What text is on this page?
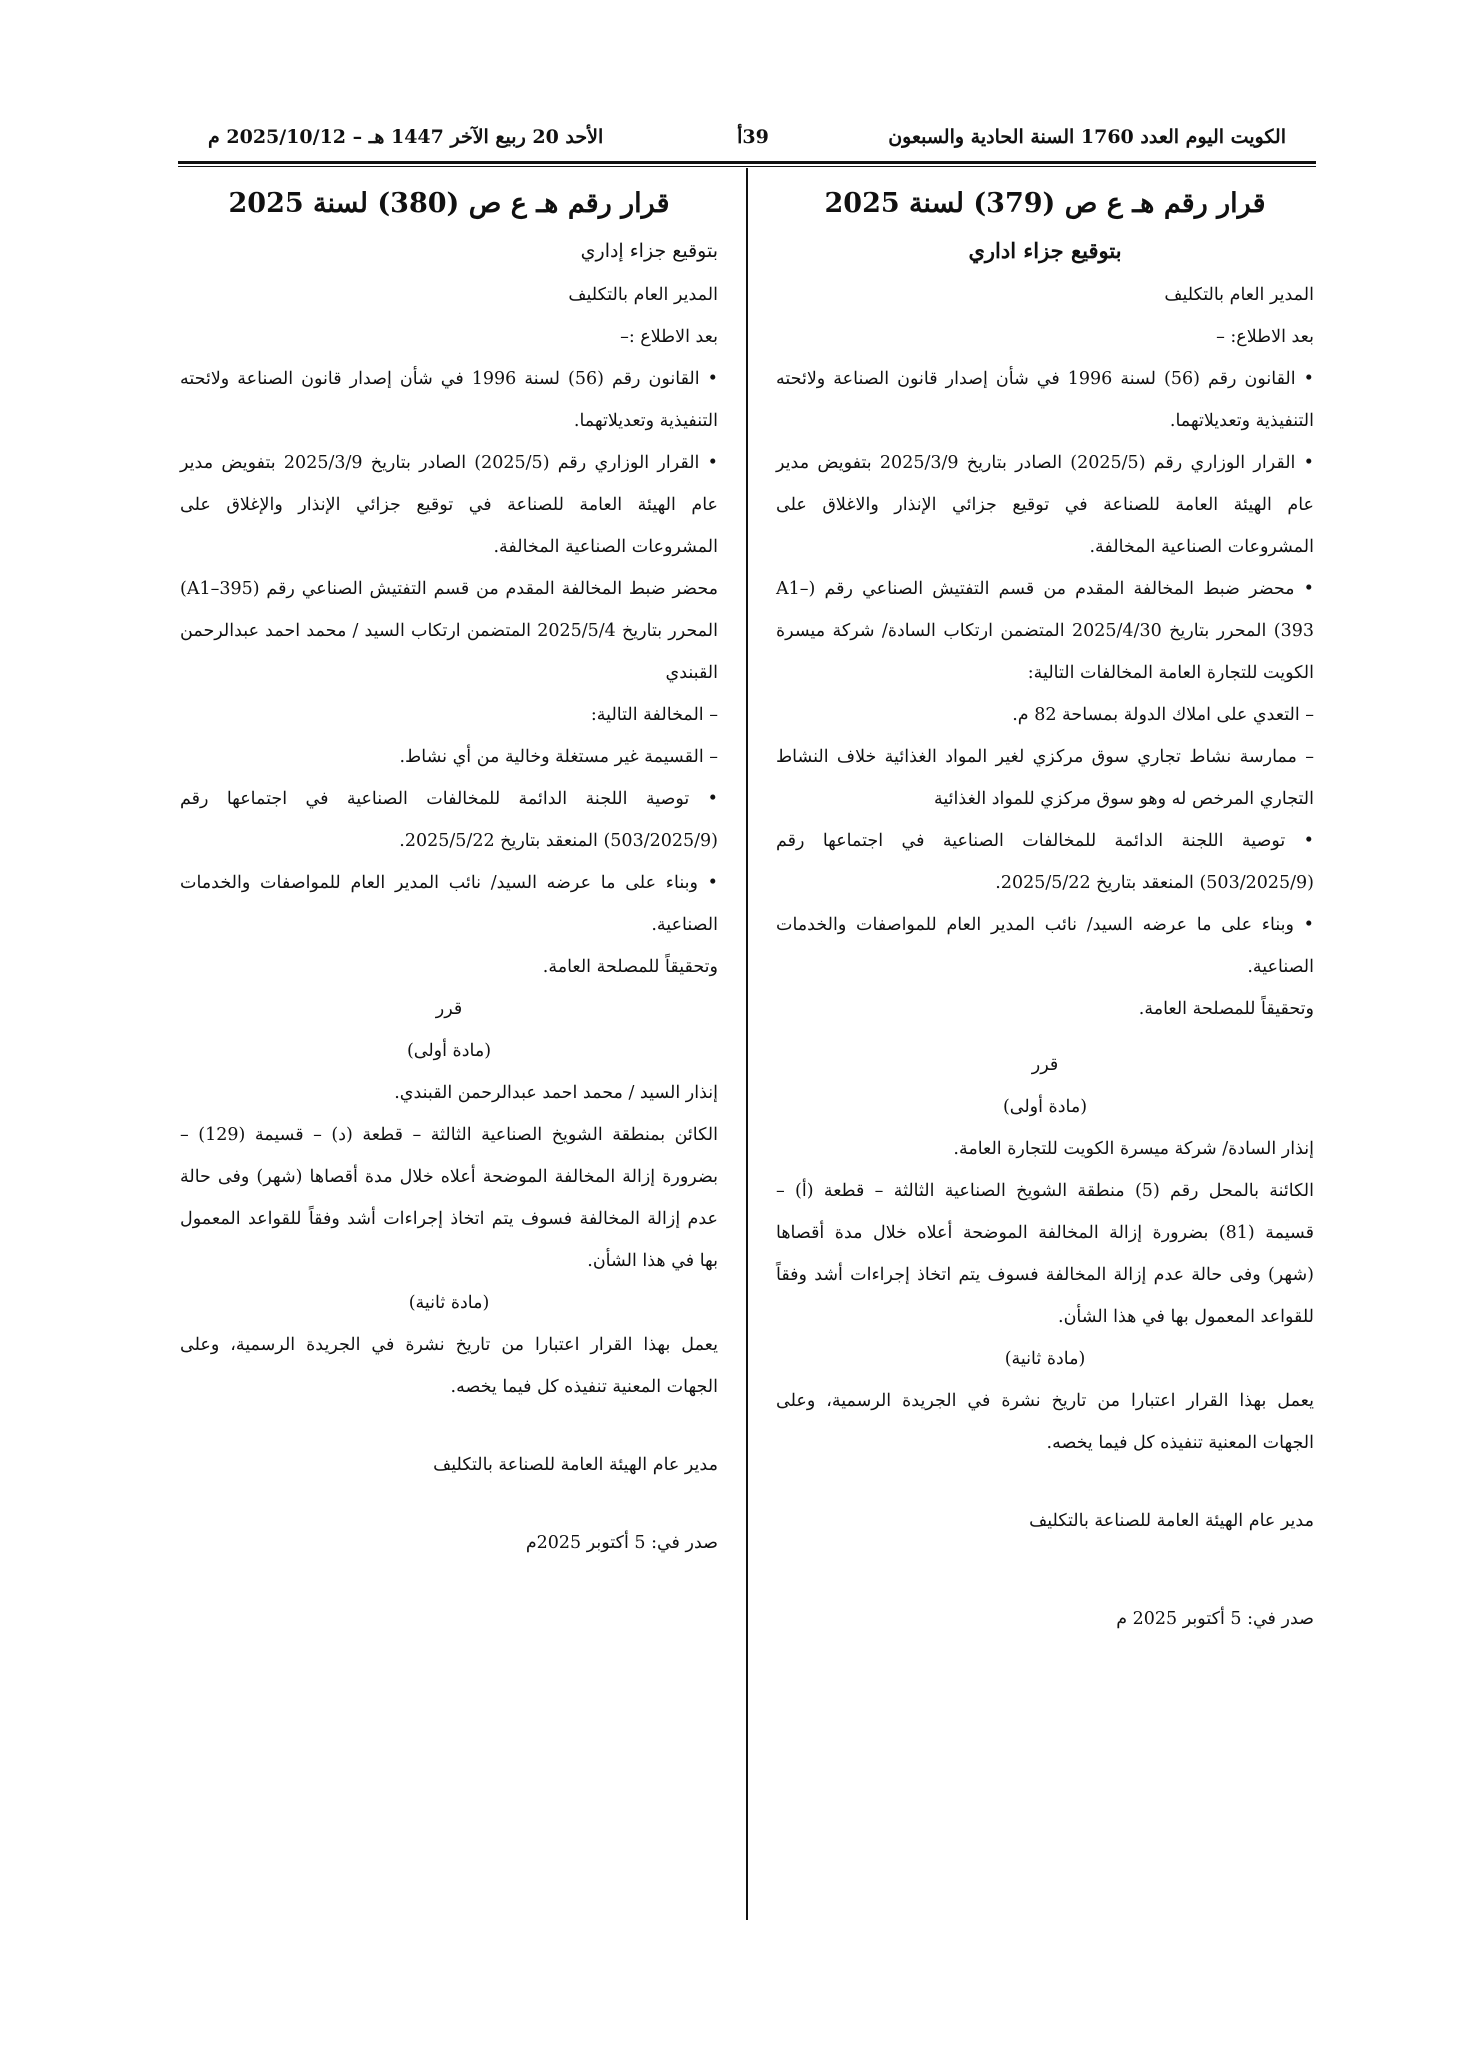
الكويت اليوم العدد 1760 السنة الحادية والسبعون
39أ
الأحد 20 ربيع الآخر 1447 هـ – 2025/10/12 م

قرار رقم هـ ع ص (379) لسنة 2025

بتوقيع جزاء اداري

المدير العام بالتكليف

بعد الاطلاع: –

• القانون رقم (56) لسنة 1996 في شأن إصدار قانون الصناعة ولائحته التنفيذية وتعديلاتهما.

• القرار الوزاري رقم (2025/5) الصادر بتاريخ 2025/3/9 بتفويض مدير عام الهيئة العامة للصناعة في توقيع جزائي الإنذار والاغلاق على المشروعات الصناعية المخالفة.

• محضر ضبط المخالفة المقدم من قسم التفتيش الصناعي رقم (A1–393) المحرر بتاريخ 2025/4/30 المتضمن ارتكاب السادة/ شركة ميسرة الكويت للتجارة العامة المخالفات التالية:

– التعدي على املاك الدولة بمساحة 82 م.

– ممارسة نشاط تجاري سوق مركزي لغير المواد الغذائية خلاف النشاط التجاري المرخص له وهو سوق مركزي للمواد الغذائية

• توصية اللجنة الدائمة للمخالفات الصناعية في اجتماعها رقم (503/2025/9) المنعقد بتاريخ 2025/5/22.

• وبناء على ما عرضه السيد/ نائب المدير العام للمواصفات والخدمات الصناعية.

وتحقيقاً للمصلحة العامة.

قرر

(مادة أولى)

إنذار السادة/ شركة ميسرة الكويت للتجارة العامة.

الكائنة بالمحل رقم (5) منطقة الشويخ الصناعية الثالثة – قطعة (أ) – قسيمة (81) بضرورة إزالة المخالفة الموضحة أعلاه خلال مدة أقصاها (شهر) وفى حالة عدم إزالة المخالفة فسوف يتم اتخاذ إجراءات أشد وفقاً للقواعد المعمول بها في هذا الشأن.

(مادة ثانية)

يعمل بهذا القرار اعتبارا من تاريخ نشرة في الجريدة الرسمية، وعلى الجهات المعنية تنفيذه كل فيما يخصه.

مدير عام الهيئة العامة للصناعة بالتكليف

صدر في: 5 أكتوبر 2025 م

قرار رقم هـ ع ص (380) لسنة 2025

بتوقيع جزاء إداري

المدير العام بالتكليف

بعد الاطلاع :–

• القانون رقم (56) لسنة 1996 في شأن إصدار قانون الصناعة ولائحته التنفيذية وتعديلاتهما.

• القرار الوزاري رقم (2025/5) الصادر بتاريخ 2025/3/9 بتفويض مدير عام الهيئة العامة للصناعة في توقيع جزائي الإنذار والإغلاق على المشروعات الصناعية المخالفة.

محضر ضبط المخالفة المقدم من قسم التفتيش الصناعي رقم (A1–395) المحرر بتاريخ 2025/5/4 المتضمن ارتكاب السيد / محمد احمد عبدالرحمن القبندي

– المخالفة التالية:

– القسيمة غير مستغلة وخالية من أي نشاط.

• توصية اللجنة الدائمة للمخالفات الصناعية في اجتماعها رقم (503/2025/9) المنعقد بتاريخ 2025/5/22.

• وبناء على ما عرضه السيد/ نائب المدير العام للمواصفات والخدمات الصناعية.

وتحقيقاً للمصلحة العامة.

قرر

(مادة أولى)

إنذار السيد / محمد احمد عبدالرحمن القبندي.

الكائن بمنطقة الشويخ الصناعية الثالثة – قطعة (د) – قسيمة (129) – بضرورة إزالة المخالفة الموضحة أعلاه خلال مدة أقصاها (شهر) وفى حالة عدم إزالة المخالفة فسوف يتم اتخاذ إجراءات أشد وفقاً للقواعد المعمول بها في هذا الشأن.

(مادة ثانية)

يعمل بهذا القرار اعتبارا من تاريخ نشرة في الجريدة الرسمية، وعلى الجهات المعنية تنفيذه كل فيما يخصه.

مدير عام الهيئة العامة للصناعة بالتكليف

صدر في: 5 أكتوبر 2025م
